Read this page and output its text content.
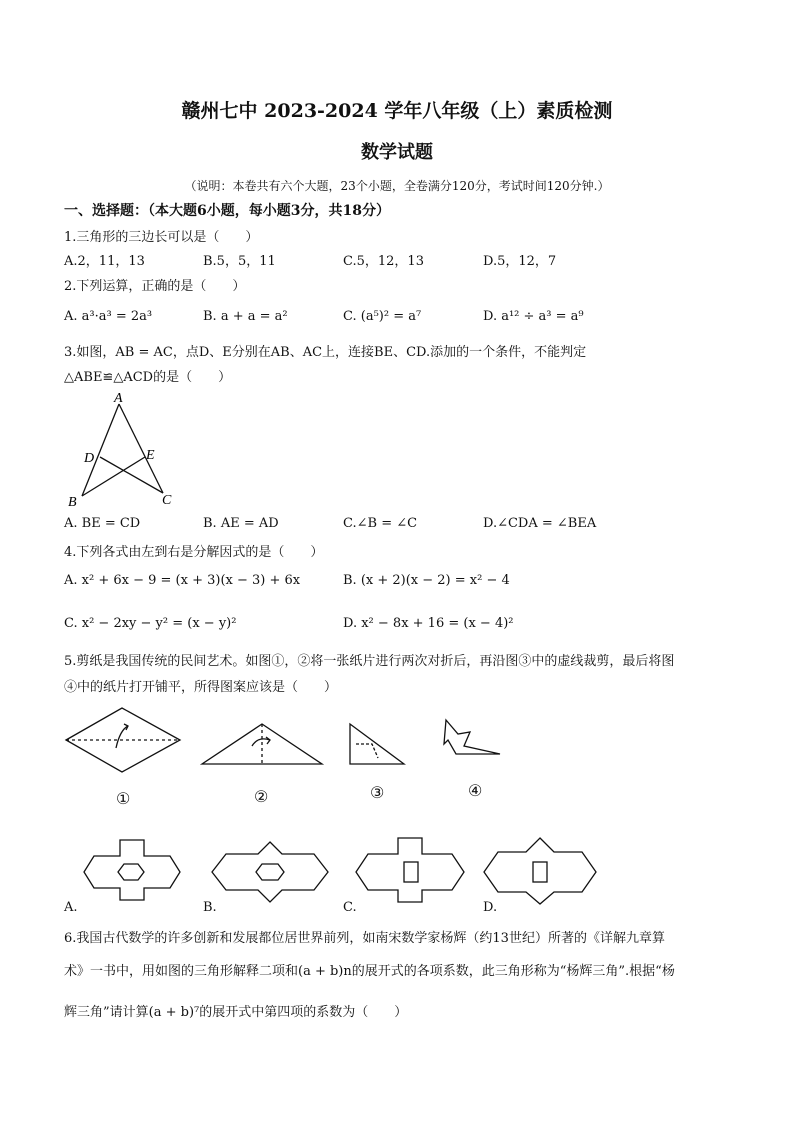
赣州七中 2023-2024 学年八年级（上）素质检测
数学试题
（说明：本卷共有六个大题，23个小题，全卷满分120分，考试时间120分钟.）
一、选择题：（本大题6小题，每小题3分，共18分）
1.三角形的三边长可以是（　　）
A.2，11，13	B.5，5，11	C.5，12，13	D.5，12，7
2.下列运算，正确的是（　　）
A. a³·a³ = 2a³	B. a + a = a²	C. (a⁵)² = a⁷	D. a¹² ÷ a³ = a⁹
3.如图，AB = AC，点D、E分别在AB、AC上，连接BE、CD.添加的一个条件，不能判定
△ABE≌△ACD的是（　　）
A
D	E
B	C
A. BE = CD	B. AE = AD	C.∠B = ∠C	D.∠CDA = ∠BEA
4.下列各式由左到右是分解因式的是（　　）
A. x² + 6x − 9 = (x + 3)(x − 3) + 6x	B. (x + 2)(x − 2) = x² − 4
C. x² − 2xy − y² = (x − y)²	D. x² − 8x + 16 = (x − 4)²
5.剪纸是我国传统的民间艺术。如图①，②将一张纸片进行两次对折后，再沿图③中的虚线裁剪，最后将图
④中的纸片打开铺平，所得图案应该是（　　）
①	②	③	④
A.	B.	C.	D.
6.我国古代数学的许多创新和发展都位居世界前列，如南宋数学家杨辉（约13世纪）所著的《详解九章算
术》一书中，用如图的三角形解释二项和(a + b)n的展开式的各项系数，此三角形称为“杨辉三角”.根据“杨
辉三角”请计算(a + b)⁷的展开式中第四项的系数为（　　）
